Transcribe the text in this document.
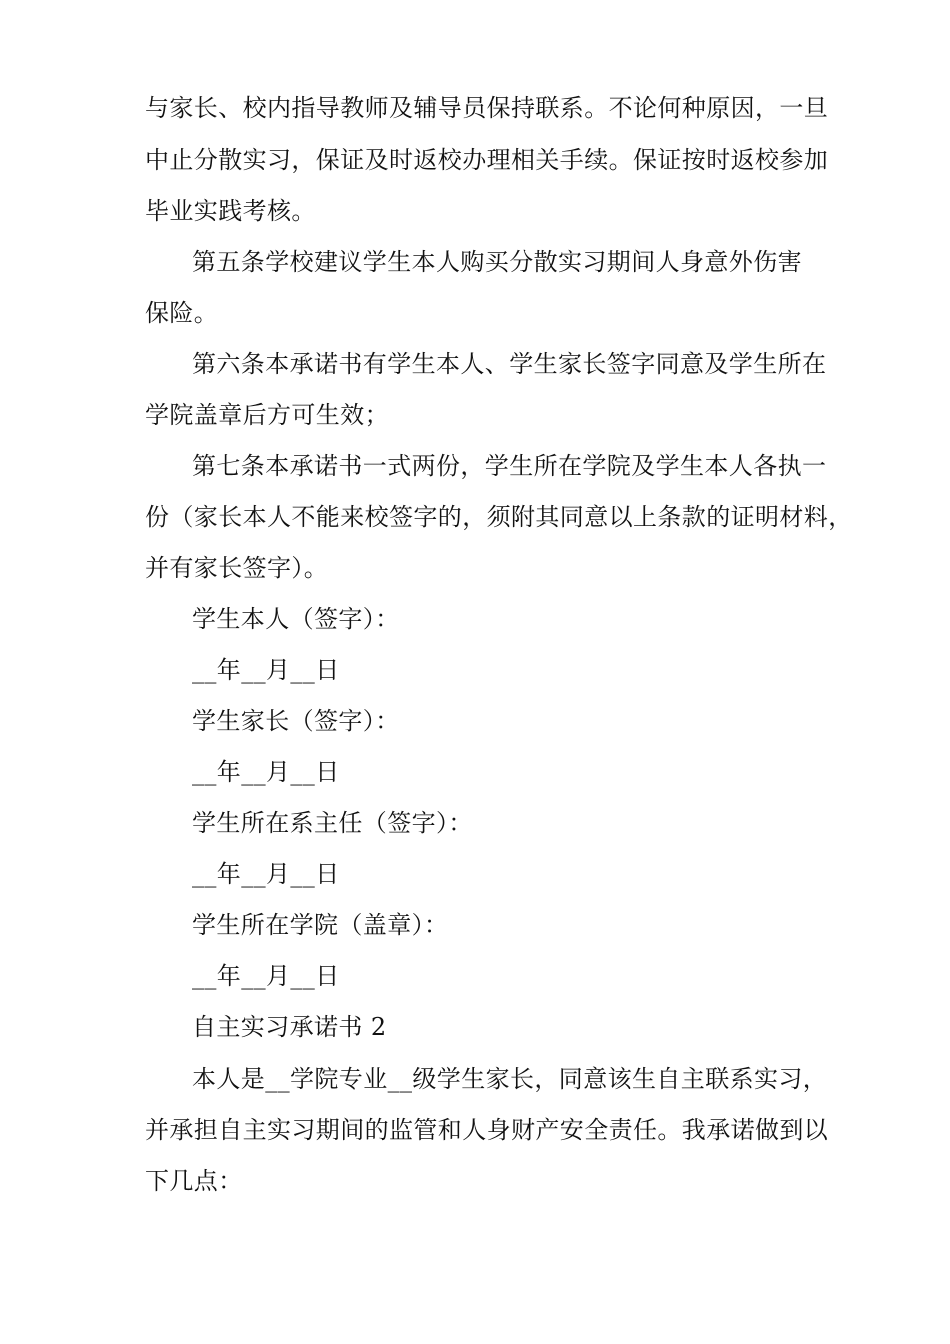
与家长、校内指导教师及辅导员保持联系。不论何种原因，一旦
中止分散实习，保证及时返校办理相关手续。保证按时返校参加
毕业实践考核。
第五条学校建议学生本人购买分散实习期间人身意外伤害
保险。
第六条本承诺书有学生本人、学生家长签字同意及学生所在
学院盖章后方可生效；
第七条本承诺书一式两份，学生所在学院及学生本人各执一
份（家长本人不能来校签字的，须附其同意以上条款的证明材料，
并有家长签字）。
学生本人（签字）：
__年__月__日
学生家长（签字）：
__年__月__日
学生所在系主任（签字）：
__年__月__日
学生所在学院（盖章）：
__年__月__日
自主实习承诺书 2
本人是__学院专业__级学生家长，同意该生自主联系实习，
并承担自主实习期间的监管和人身财产安全责任。我承诺做到以
下几点：
